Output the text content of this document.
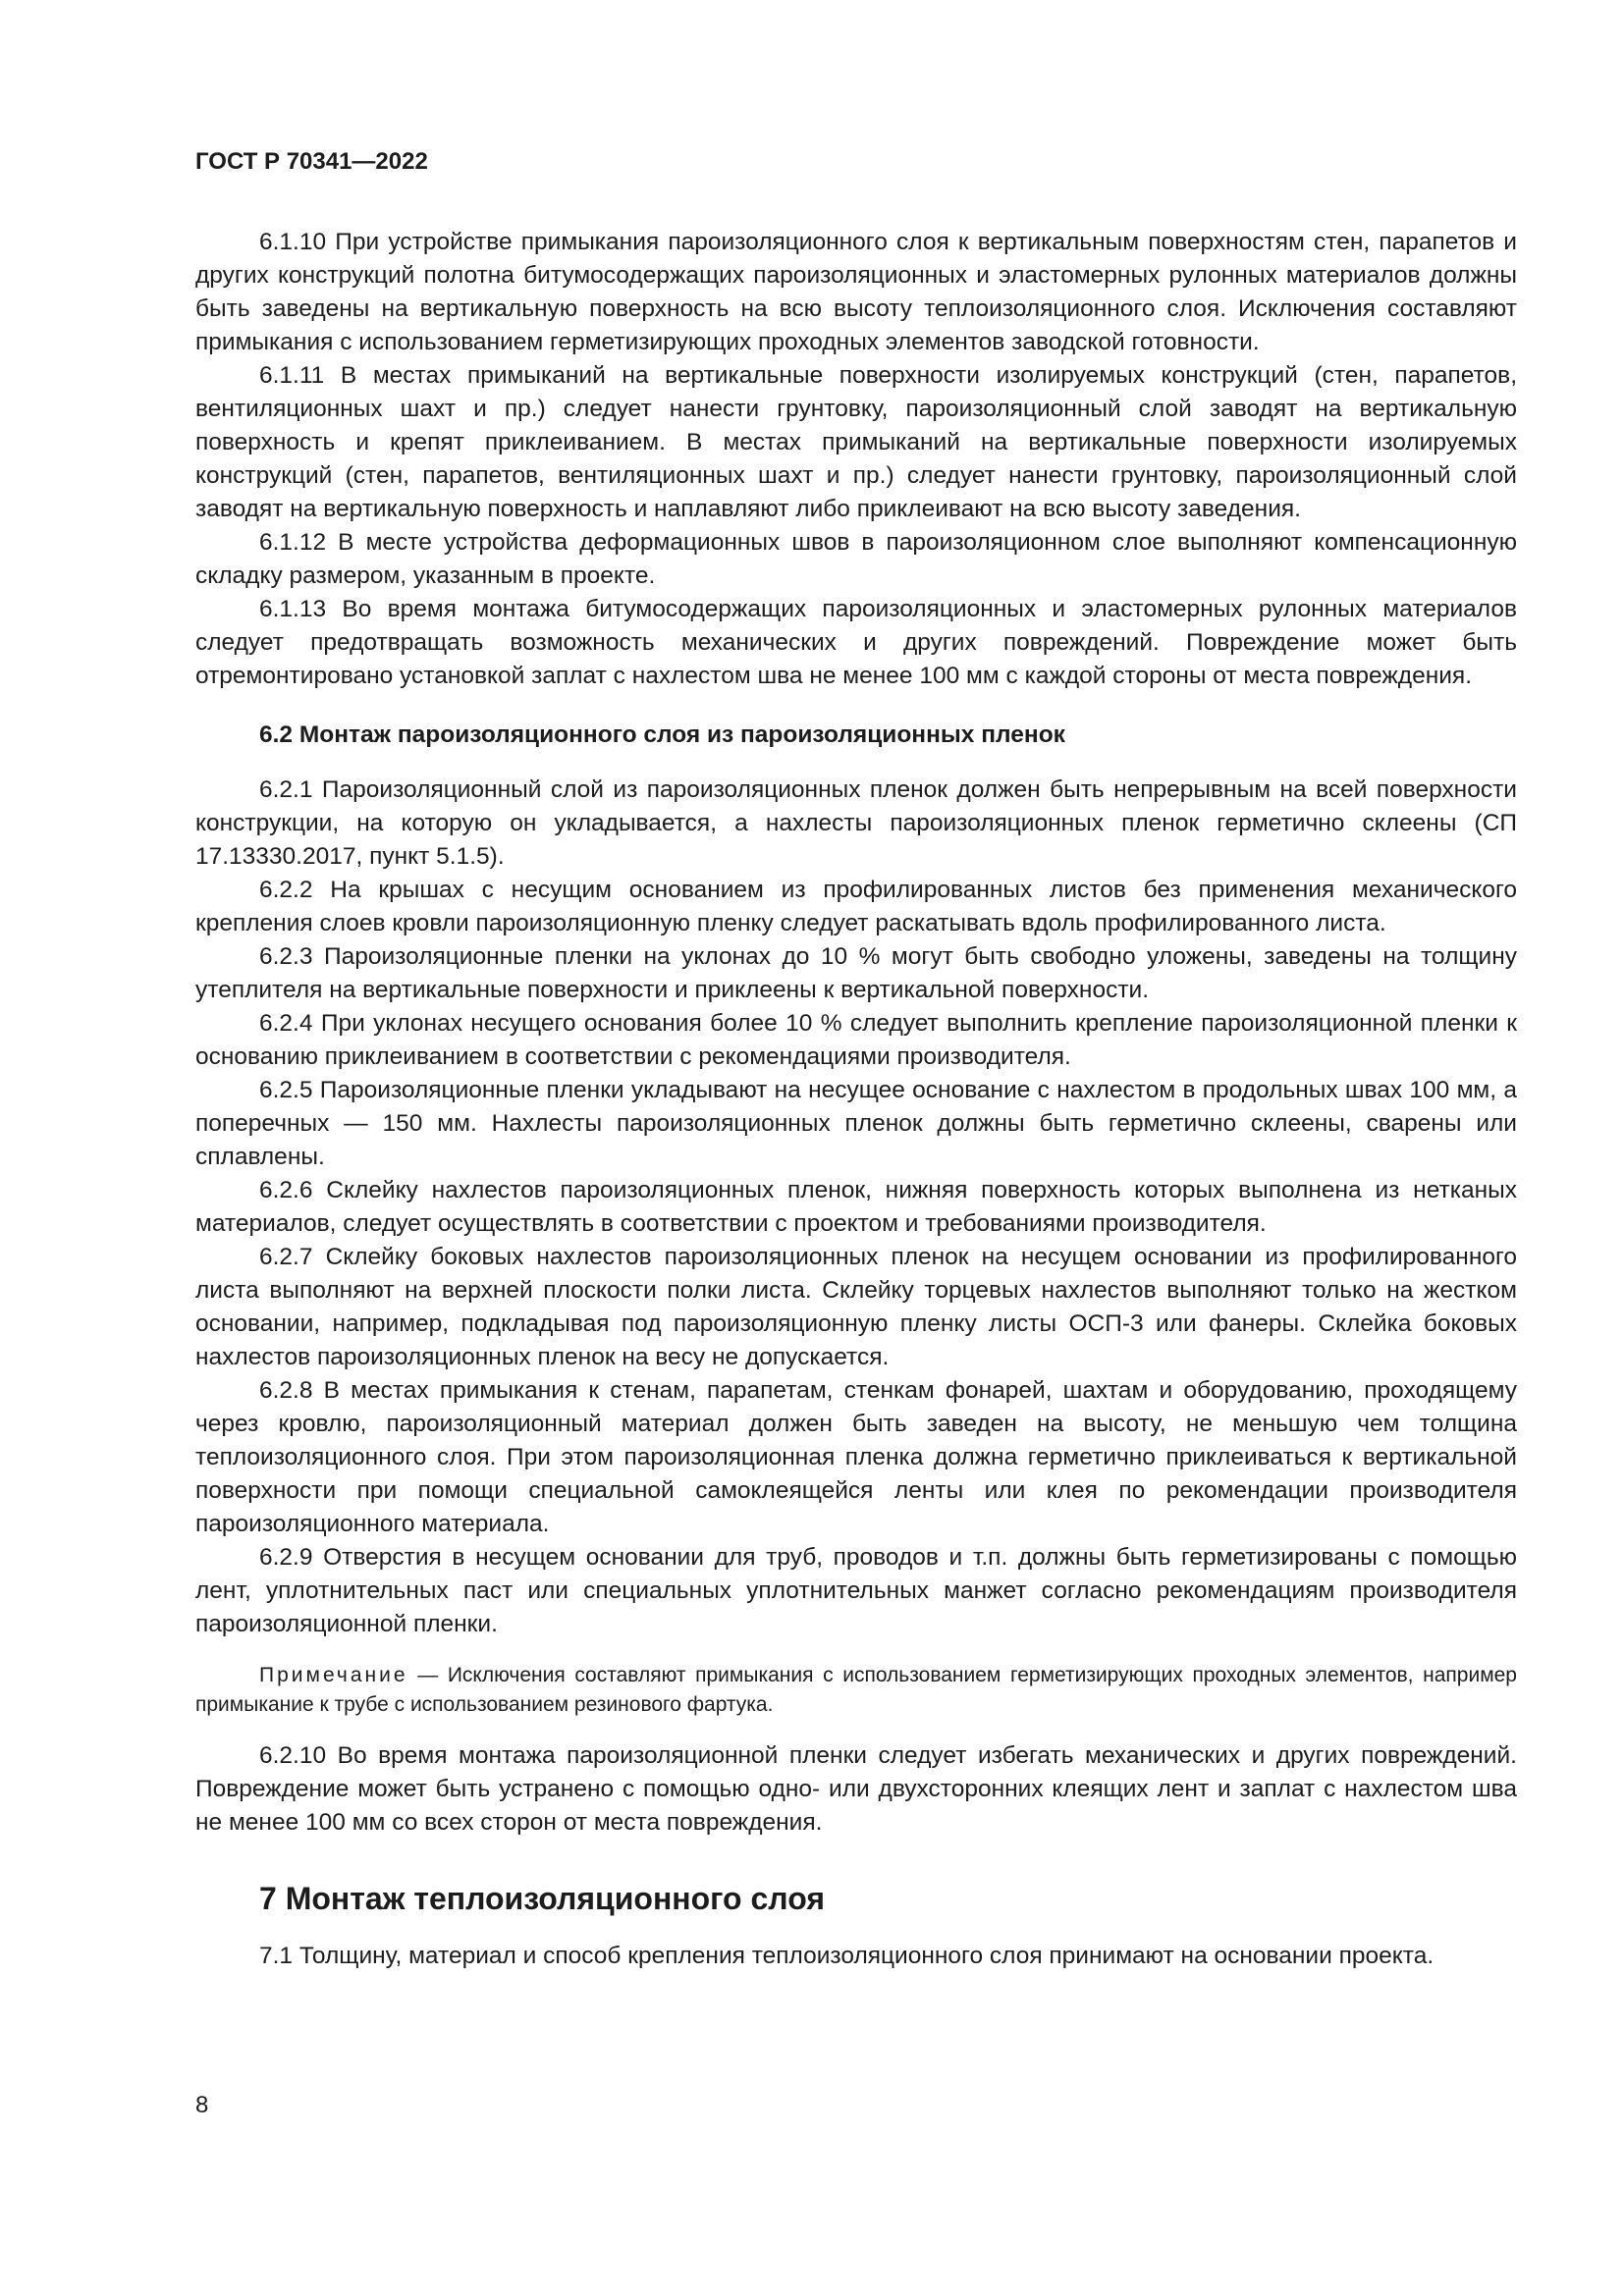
ГОСТ Р 70341—2022

6.1.10 При устройстве примыкания пароизоляционного слоя к вертикальным поверхностям стен, парапетов и других конструкций полотна битумосодержащих пароизоляционных и эластомерных рулонных материалов должны быть заведены на вертикальную поверхность на всю высоту теплоизоляционного слоя. Исключения составляют примыкания с использованием герметизирующих проходных элементов заводской готовности.

6.1.11 В местах примыканий на вертикальные поверхности изолируемых конструкций (стен, парапетов, вентиляционных шахт и пр.) следует нанести грунтовку, пароизоляционный слой заводят на вертикальную поверхность и крепят приклеиванием. В местах примыканий на вертикальные поверхности изолируемых конструкций (стен, парапетов, вентиляционных шахт и пр.) следует нанести грунтовку, пароизоляционный слой заводят на вертикальную поверхность и наплавляют либо приклеивают на всю высоту заведения.

6.1.12 В месте устройства деформационных швов в пароизоляционном слое выполняют компенсационную складку размером, указанным в проекте.

6.1.13 Во время монтажа битумосодержащих пароизоляционных и эластомерных рулонных материалов следует предотвращать возможность механических и других повреждений. Повреждение может быть отремонтировано установкой заплат с нахлестом шва не менее 100 мм с каждой стороны от места повреждения.

6.2 Монтаж пароизоляционного слоя из пароизоляционных пленок

6.2.1 Пароизоляционный слой из пароизоляционных пленок должен быть непрерывным на всей поверхности конструкции, на которую он укладывается, а нахлесты пароизоляционных пленок герметично склеены (СП 17.13330.2017, пункт 5.1.5).

6.2.2 На крышах с несущим основанием из профилированных листов без применения механического крепления слоев кровли пароизоляционную пленку следует раскатывать вдоль профилированного листа.

6.2.3 Пароизоляционные пленки на уклонах до 10 % могут быть свободно уложены, заведены на толщину утеплителя на вертикальные поверхности и приклеены к вертикальной поверхности.

6.2.4 При уклонах несущего основания более 10 % следует выполнить крепление пароизоляционной пленки к основанию приклеиванием в соответствии с рекомендациями производителя.

6.2.5 Пароизоляционные пленки укладывают на несущее основание с нахлестом в продольных швах 100 мм, а поперечных — 150 мм. Нахлесты пароизоляционных пленок должны быть герметично склеены, сварены или сплавлены.

6.2.6 Склейку нахлестов пароизоляционных пленок, нижняя поверхность которых выполнена из нетканых материалов, следует осуществлять в соответствии с проектом и требованиями производителя.

6.2.7 Склейку боковых нахлестов пароизоляционных пленок на несущем основании из профилированного листа выполняют на верхней плоскости полки листа. Склейку торцевых нахлестов выполняют только на жестком основании, например, подкладывая под пароизоляционную пленку листы ОСП-3 или фанеры. Склейка боковых нахлестов пароизоляционных пленок на весу не допускается.

6.2.8 В местах примыкания к стенам, парапетам, стенкам фонарей, шахтам и оборудованию, проходящему через кровлю, пароизоляционный материал должен быть заведен на высоту, не меньшую чем толщина теплоизоляционного слоя. При этом пароизоляционная пленка должна герметично приклеиваться к вертикальной поверхности при помощи специальной самоклеящейся ленты или клея по рекомендации производителя пароизоляционного материала.

6.2.9 Отверстия в несущем основании для труб, проводов и т.п. должны быть герметизированы с помощью лент, уплотнительных паст или специальных уплотнительных манжет согласно рекомендациям производителя пароизоляционной пленки.

Примечание — Исключения составляют примыкания с использованием герметизирующих проходных элементов, например примыкание к трубе с использованием резинового фартука.

6.2.10 Во время монтажа пароизоляционной пленки следует избегать механических и других повреждений. Повреждение может быть устранено с помощью одно- или двухсторонних клеящих лент и заплат с нахлестом шва не менее 100 мм со всех сторон от места повреждения.

7 Монтаж теплоизоляционного слоя

7.1 Толщину, материал и способ крепления теплоизоляционного слоя принимают на основании проекта.

8
